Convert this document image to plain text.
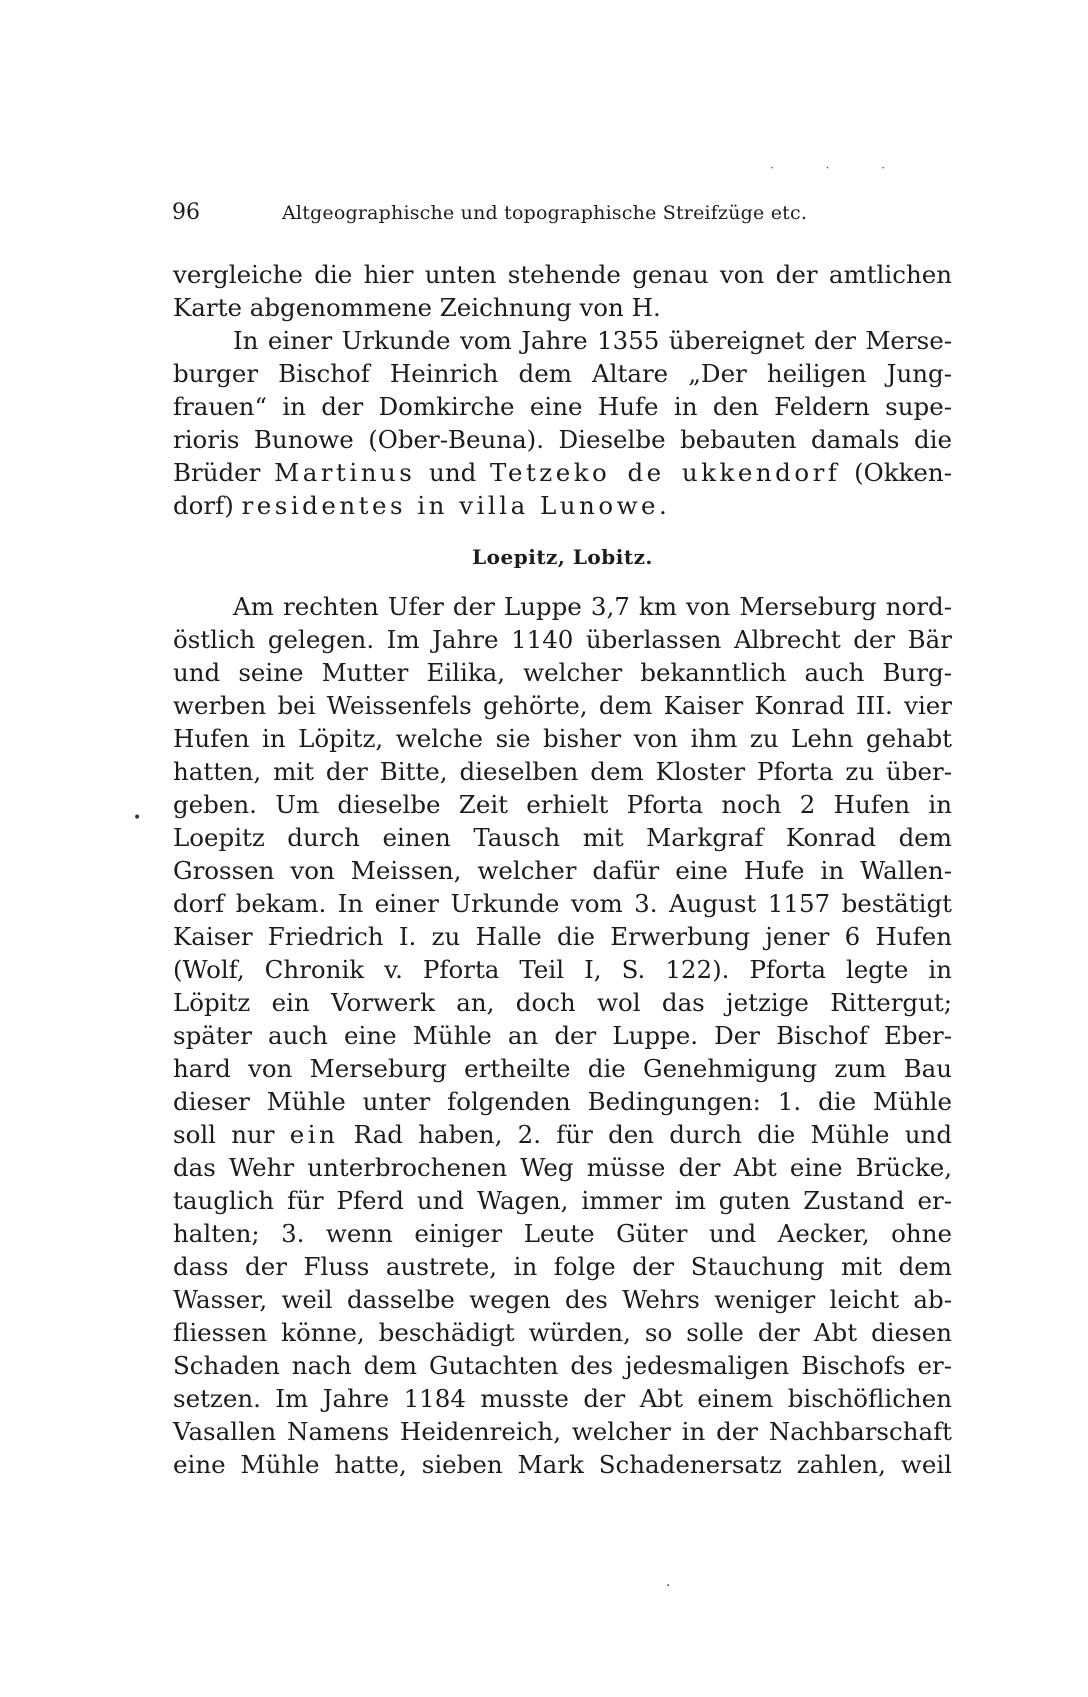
· · ·
96	Altgeographische und topographische Streifzüge etc.
•
vergleiche die hier unten stehende genau von der amtlichen
Karte abgenommene Zeichnung von H.
In einer Urkunde vom Jahre 1355 übereignet der Merse-
burger Bischof Heinrich dem Altare „Der heiligen Jung-
frauen“ in der Domkirche eine Hufe in den Feldern supe-
rioris Bunowe (Ober-Beuna). Dieselbe bebauten damals die
Brüder Martinus und Tetzeko de ukkendorf (Okken-
dorf) residentes in villa Lunowe.
Loepitz, Lobitz.
Am rechten Ufer der Luppe 3,7 km von Merseburg nord-
östlich gelegen. Im Jahre 1140 überlassen Albrecht der Bär
und seine Mutter Eilika, welcher bekanntlich auch Burg-
werben bei Weissenfels gehörte, dem Kaiser Konrad III. vier
Hufen in Löpitz, welche sie bisher von ihm zu Lehn gehabt
hatten, mit der Bitte, dieselben dem Kloster Pforta zu über-
geben. Um dieselbe Zeit erhielt Pforta noch 2 Hufen in
Loepitz durch einen Tausch mit Markgraf Konrad dem
Grossen von Meissen, welcher dafür eine Hufe in Wallen-
dorf bekam. In einer Urkunde vom 3. August 1157 bestätigt
Kaiser Friedrich I. zu Halle die Erwerbung jener 6 Hufen
(Wolf, Chronik v. Pforta Teil I, S. 122). Pforta legte in
Löpitz ein Vorwerk an, doch wol das jetzige Rittergut;
später auch eine Mühle an der Luppe. Der Bischof Eber-
hard von Merseburg ertheilte die Genehmigung zum Bau
dieser Mühle unter folgenden Bedingungen: 1. die Mühle
soll nur ein Rad haben, 2. für den durch die Mühle und
das Wehr unterbrochenen Weg müsse der Abt eine Brücke,
tauglich für Pferd und Wagen, immer im guten Zustand er-
halten; 3. wenn einiger Leute Güter und Aecker, ohne
dass der Fluss austrete, in folge der Stauchung mit dem
Wasser, weil dasselbe wegen des Wehrs weniger leicht ab-
fliessen könne, beschädigt würden, so solle der Abt diesen
Schaden nach dem Gutachten des jedesmaligen Bischofs er-
setzen. Im Jahre 1184 musste der Abt einem bischöflichen
Vasallen Namens Heidenreich, welcher in der Nachbarschaft
eine Mühle hatte, sieben Mark Schadenersatz zahlen, weil
·
